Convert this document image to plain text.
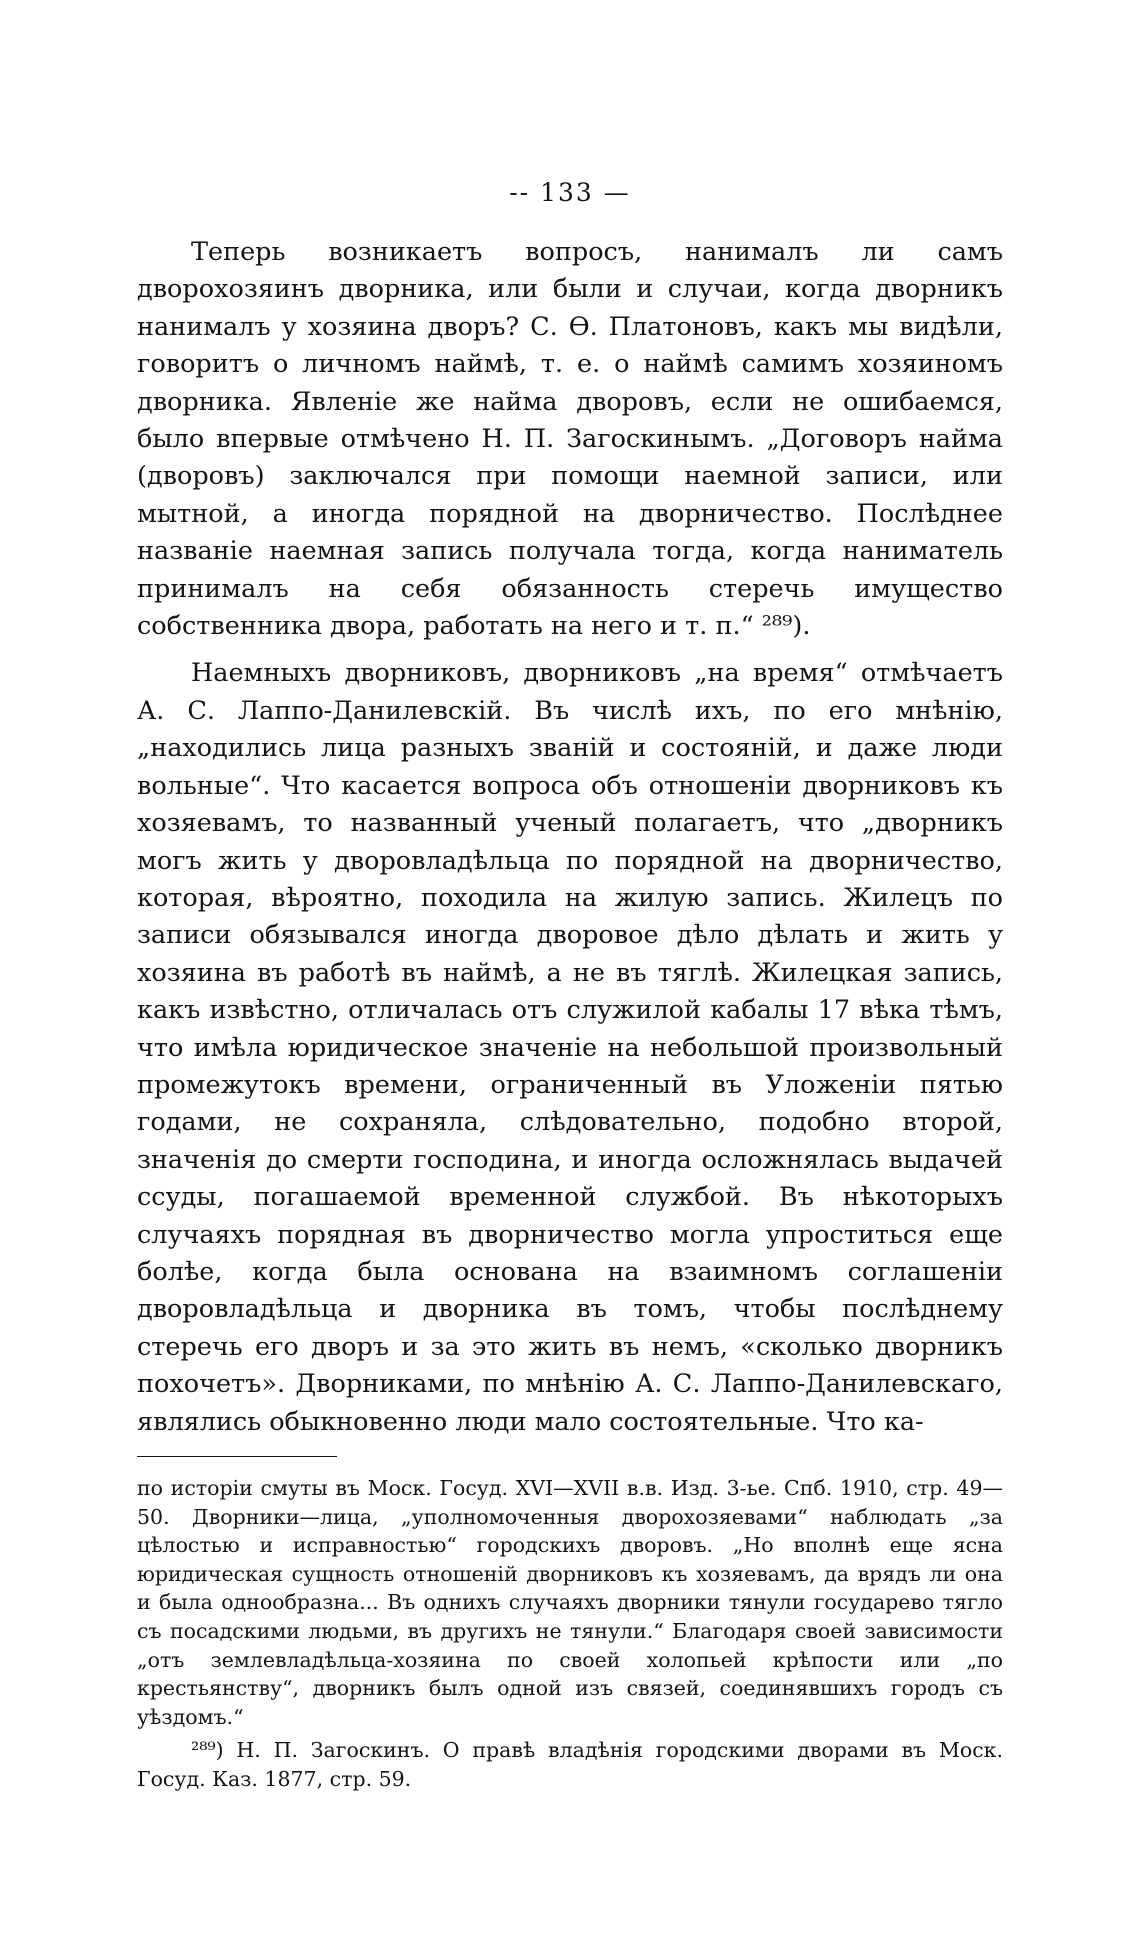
-- 133 —

Теперь возникаетъ вопросъ, нанималъ ли самъ дворохозяинъ дворника, или были и случаи, когда дворникъ нанималъ у хозяина дворъ? С. Ѳ. Платоновъ, какъ мы видѣли, говоритъ о личномъ наймѣ, т. е. о наймѣ самимъ хозяиномъ дворника. Явленіе же найма дворовъ, если не ошибаемся, было впервые отмѣчено Н. П. Загоскинымъ. „Договоръ найма (дворовъ) заключался при помощи наемной записи, или мытной, а иногда порядной на дворничество. Послѣднее названіе наемная запись получала тогда, когда наниматель принималъ на себя обязанность стеречь имущество собственника двора, работать на него и т. п.“ ²⁸⁹).

Наемныхъ дворниковъ, дворниковъ „на время“ отмѣчаетъ А. С. Лаппо-Данилевскій. Въ числѣ ихъ, по его мнѣнію, „находились лица разныхъ званій и состояній, и даже люди вольные“. Что касается вопроса объ отношеніи дворниковъ къ хозяевамъ, то названный ученый полагаетъ, что „дворникъ могъ жить у двоpовладѣльца по порядной на дворничество, которая, вѣроятно, походила на жилую запись. Жилецъ по записи обязывался иногда дворовое дѣло дѣлать и жить у хозяина въ работѣ въ наймѣ, а не въ тяглѣ. Жилецкая запись, какъ извѣстно, отличалась отъ служилой кабалы 17 вѣка тѣмъ, что имѣла юридическое значеніе на небольшой произвольный промежутокъ времени, ограниченный въ Уложеніи пятью годами, не сохраняла, слѣдовательно, подобно второй, значенія до смерти господина, и иногда осложнялась выдачей ссуды, погашаемой временной службой. Въ нѣкоторыхъ случаяхъ порядная въ дворничество могла упроститься еще болѣе, когда была основана на взаимномъ соглашеніи двоpовладѣльца и дворника въ томъ, чтобы послѣднему стеречь его дворъ и за это жить въ немъ, «сколько дворникъ похочетъ». Дворниками, по мнѣнію А. С. Лаппо-Данилевскаго, являлись обыкновенно люди мало состоятельные. Что ка-

по исторіи смуты въ Моск. Госуд. XVI—XVII в.в. Изд. 3-ье. Спб. 1910, стр. 49—50. Дворники—лица, „уполномоченныя дворохозяевами“ наблюдать „за цѣлостью и исправностью“ городскихъ дворовъ. „Но вполнѣ еще ясна юридическая сущность отношеній дворниковъ къ хозяевамъ, да врядъ ли она и была однообразна... Въ однихъ случаяхъ дворники тянули государево тягло съ посадскими людьми, въ другихъ не тянули.“ Благодаря своей зависимости „отъ землевладѣльца-хозяина по своей холопьей крѣпости или „по крестьянству“, дворникъ былъ одной изъ связей, соединявшихъ городъ съ уѣздомъ.“

²⁸⁹) Н. П. Загоскинъ. О правѣ владѣнія городскими дворами въ Моск. Госуд. Каз. 1877, стр. 59.
